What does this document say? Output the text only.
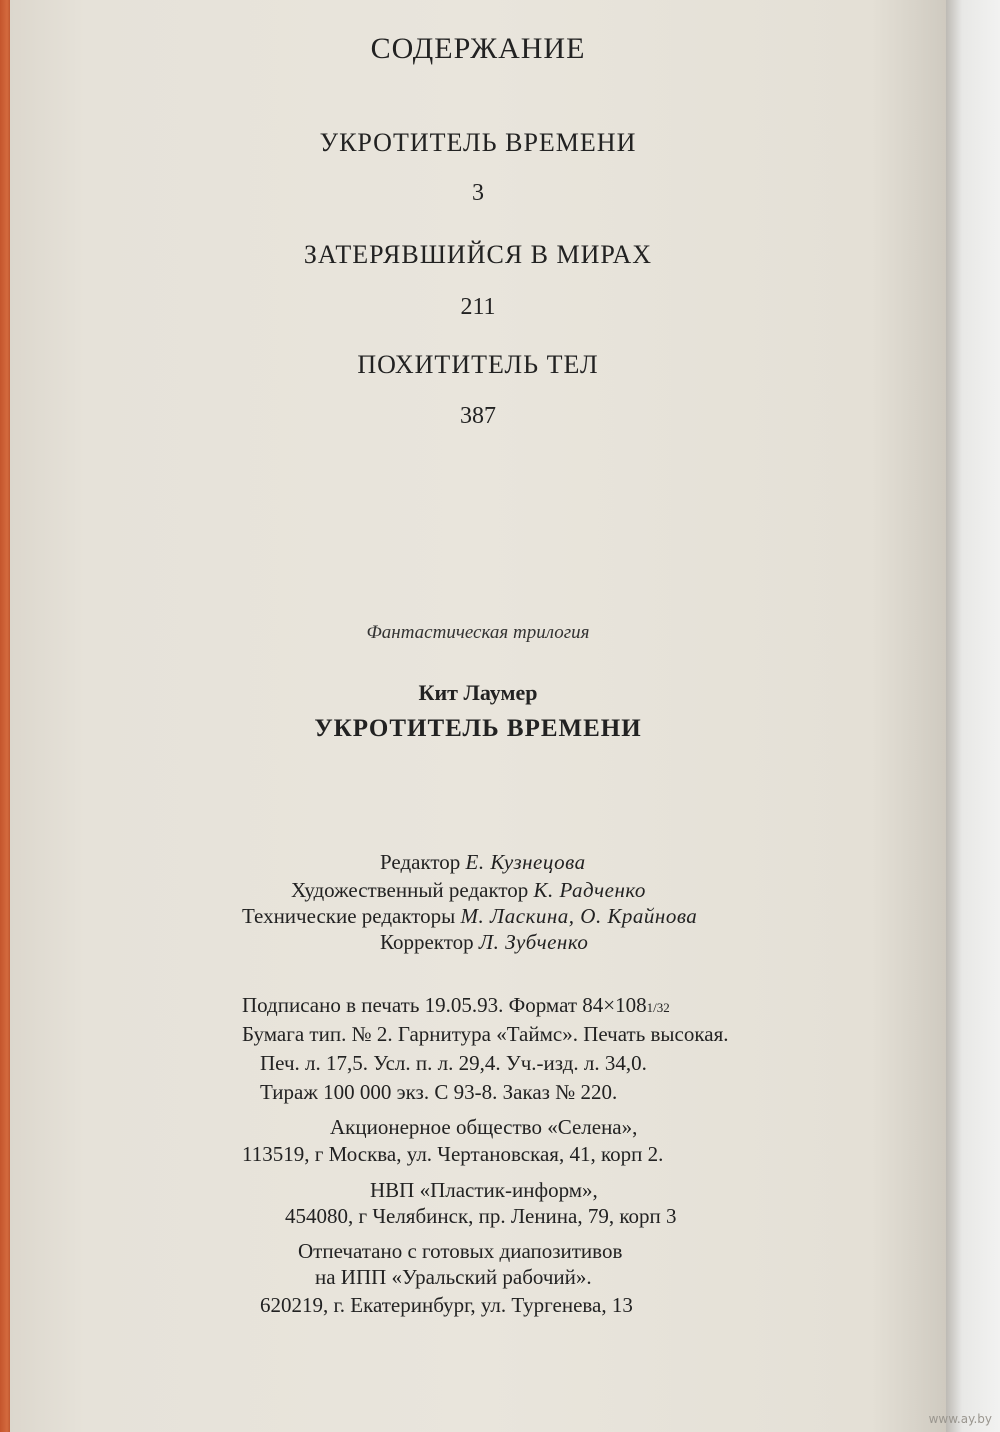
СОДЕРЖАНИЕ
УКРОТИТЕЛЬ ВРЕМЕНИ
3
ЗАТЕРЯВШИЙСЯ В МИРАХ
211
ПОХИТИТЕЛЬ ТЕЛ
387
Фантастическая трилогия
Кит Лаумер
УКРОТИТЕЛЬ ВРЕМЕНИ
Редактор Е. Кузнецова
Художественный редактор К. Радченко
Технические редакторы М. Ласкина, О. Крайнова
Корректор Л. Зубченко
Подписано в печать 19.05.93. Формат 84×1081/32
Бумага тип. № 2. Гарнитура «Таймс». Печать высокая.
Печ. л. 17,5. Усл. п. л. 29,4. Уч.-изд. л. 34,0.
Тираж 100 000 экз. С 93-8. Заказ № 220.
Акционерное общество «Селена»,
113519, г Москва, ул. Чертановская, 41, корп 2.
НВП «Пластик-информ»,
454080, г Челябинск, пр. Ленина, 79, корп 3
Отпечатано с готовых диапозитивов
на ИПП «Уральский рабочий».
620219, г. Екатеринбург, ул. Тургенева, 13
www.ay.by
